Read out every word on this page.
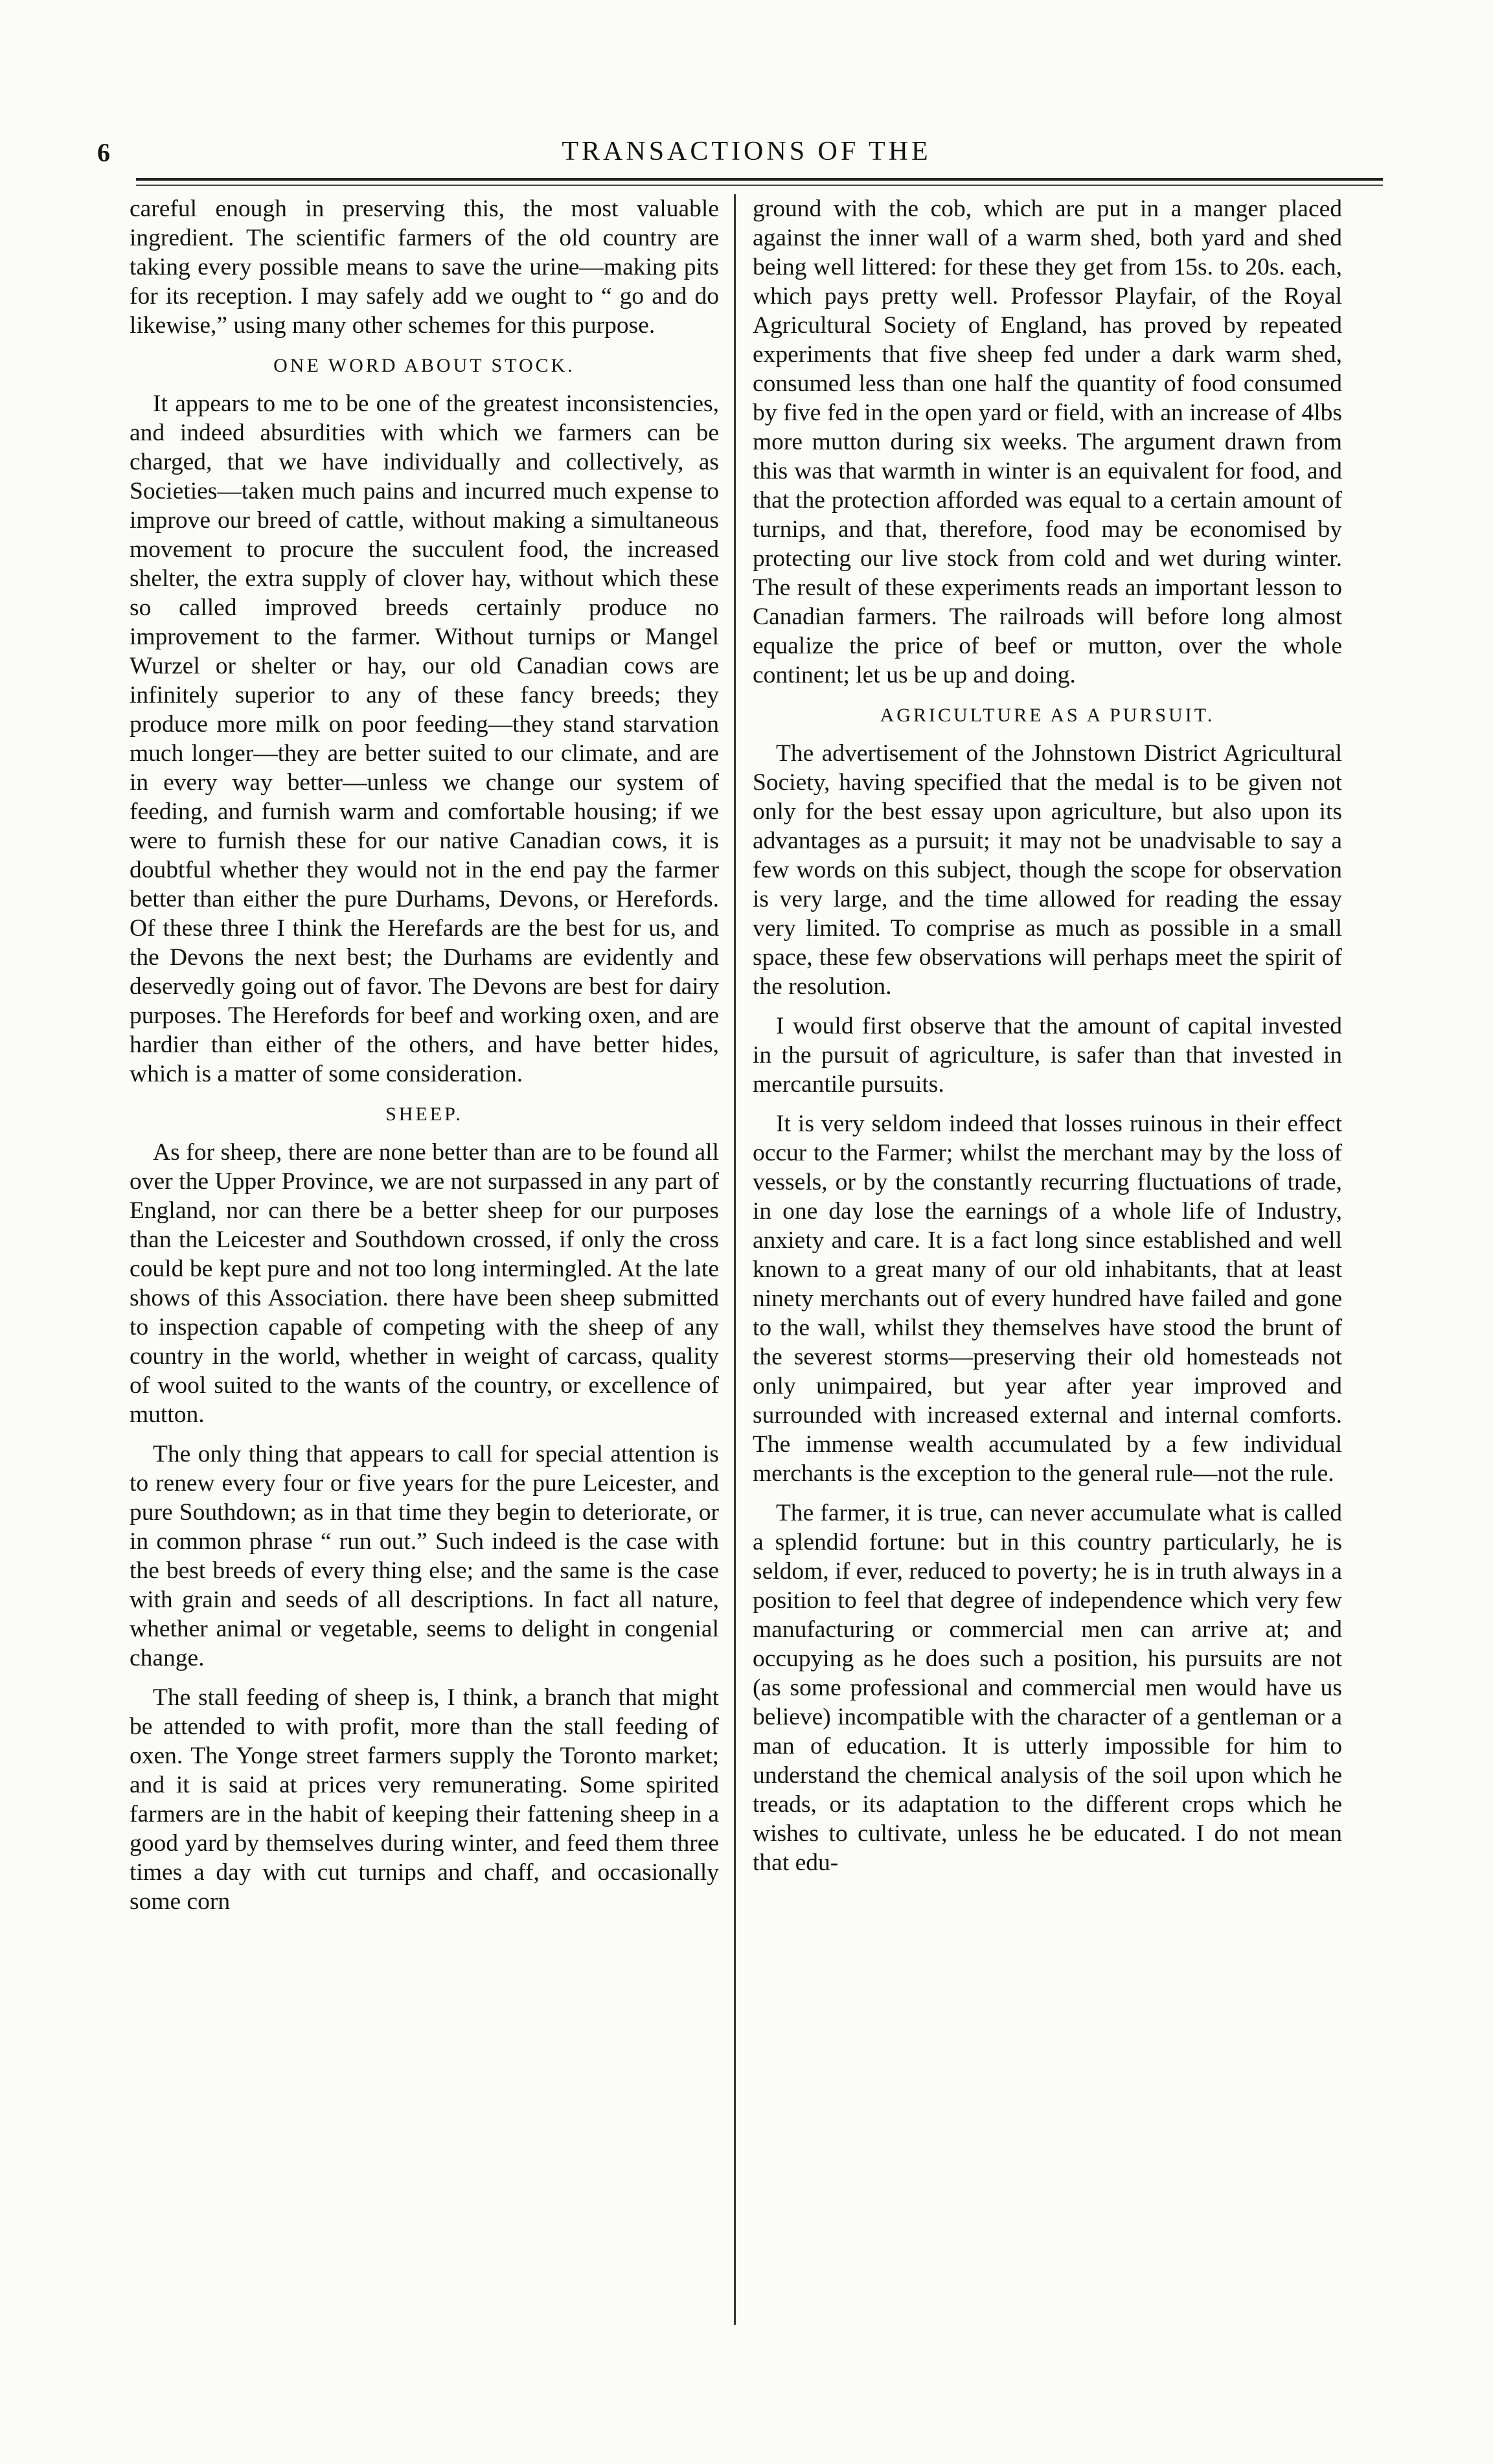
6	TRANSACTIONS OF THE

careful enough in preserving this, the most valuable ingredient. The scientific farmers of the old country are taking every possible means to save the urine—making pits for its reception. I may safely add we ought to “ go and do likewise,” using many other schemes for this purpose.

ONE WORD ABOUT STOCK.

It appears to me to be one of the greatest inconsistencies, and indeed absurdities with which we farmers can be charged, that we have individually and collectively, as Societies—taken much pains and incurred much expense to improve our breed of cattle, without making a simultaneous movement to procure the succulent food, the increased shelter, the extra supply of clover hay, without which these so called improved breeds certainly produce no improvement to the farmer. Without turnips or Mangel Wurzel or shelter or hay, our old Canadian cows are infinitely superior to any of these fancy breeds; they produce more milk on poor feeding—they stand starvation much longer—they are better suited to our climate, and are in every way better—unless we change our system of feeding, and furnish warm and comfortable housing; if we were to furnish these for our native Canadian cows, it is doubtful whether they would not in the end pay the farmer better than either the pure Durhams, Devons, or Herefords. Of these three I think the Herefards are the best for us, and the Devons the next best; the Durhams are evidently and deservedly going out of favor. The Devons are best for dairy purposes. The Herefords for beef and working oxen, and are hardier than either of the others, and have better hides, which is a matter of some consideration.

SHEEP.

As for sheep, there are none better than are to be found all over the Upper Province, we are not surpassed in any part of England, nor can there be a better sheep for our purposes than the Leicester and Southdown crossed, if only the cross could be kept pure and not too long intermingled. At the late shows of this Association. there have been sheep submitted to inspection capable of competing with the sheep of any country in the world, whether in weight of carcass, quality of wool suited to the wants of the country, or excellence of mutton.

The only thing that appears to call for special attention is to renew every four or five years for the pure Leicester, and pure Southdown; as in that time they begin to deteriorate, or in common phrase “ run out.” Such indeed is the case with the best breeds of every thing else; and the same is the case with grain and seeds of all descriptions. In fact all nature, whether animal or vegetable, seems to delight in congenial change.

The stall feeding of sheep is, I think, a branch that might be attended to with profit, more than the stall feeding of oxen. The Yonge street farmers supply the Toronto market; and it is said at prices very remunerating. Some spirited farmers are in the habit of keeping their fattening sheep in a good yard by themselves during winter, and feed them three times a day with cut turnips and chaff, and occasionally some corn

ground with the cob, which are put in a manger placed against the inner wall of a warm shed, both yard and shed being well littered: for these they get from 15s. to 20s. each, which pays pretty well. Professor Playfair, of the Royal Agricultural Society of England, has proved by repeated experiments that five sheep fed under a dark warm shed, consumed less than one half the quantity of food consumed by five fed in the open yard or field, with an increase of 4lbs more mutton during six weeks. The argument drawn from this was that warmth in winter is an equivalent for food, and that the protection afforded was equal to a certain amount of turnips, and that, therefore, food may be economised by protecting our live stock from cold and wet during winter. The result of these experiments reads an important lesson to Canadian farmers. The railroads will before long almost equalize the price of beef or mutton, over the whole continent; let us be up and doing.

AGRICULTURE AS A PURSUIT.

The advertisement of the Johnstown District Agricultural Society, having specified that the medal is to be given not only for the best essay upon agriculture, but also upon its advantages as a pursuit; it may not be unadvisable to say a few words on this subject, though the scope for observation is very large, and the time allowed for reading the essay very limited. To comprise as much as possible in a small space, these few observations will perhaps meet the spirit of the resolution.

I would first observe that the amount of capital invested in the pursuit of agriculture, is safer than that invested in mercantile pursuits.

It is very seldom indeed that losses ruinous in their effect occur to the Farmer; whilst the merchant may by the loss of vessels, or by the constantly recurring fluctuations of trade, in one day lose the earnings of a whole life of Industry, anxiety and care. It is a fact long since established and well known to a great many of our old inhabitants, that at least ninety merchants out of every hundred have failed and gone to the wall, whilst they themselves have stood the brunt of the severest storms—preserving their old homesteads not only unimpaired, but year after year improved and surrounded with increased external and internal comforts. The immense wealth accumulated by a few individual merchants is the exception to the general rule—not the rule.

The farmer, it is true, can never accumulate what is called a splendid fortune: but in this country particularly, he is seldom, if ever, reduced to poverty; he is in truth always in a position to feel that degree of independence which very few manufacturing or commercial men can arrive at; and occupying as he does such a position, his pursuits are not (as some professional and commercial men would have us believe) incompatible with the character of a gentleman or a man of education. It is utterly impossible for him to understand the chemical analysis of the soil upon which he treads, or its adaptation to the different crops which he wishes to cultivate, unless he be educated. I do not mean that edu-
